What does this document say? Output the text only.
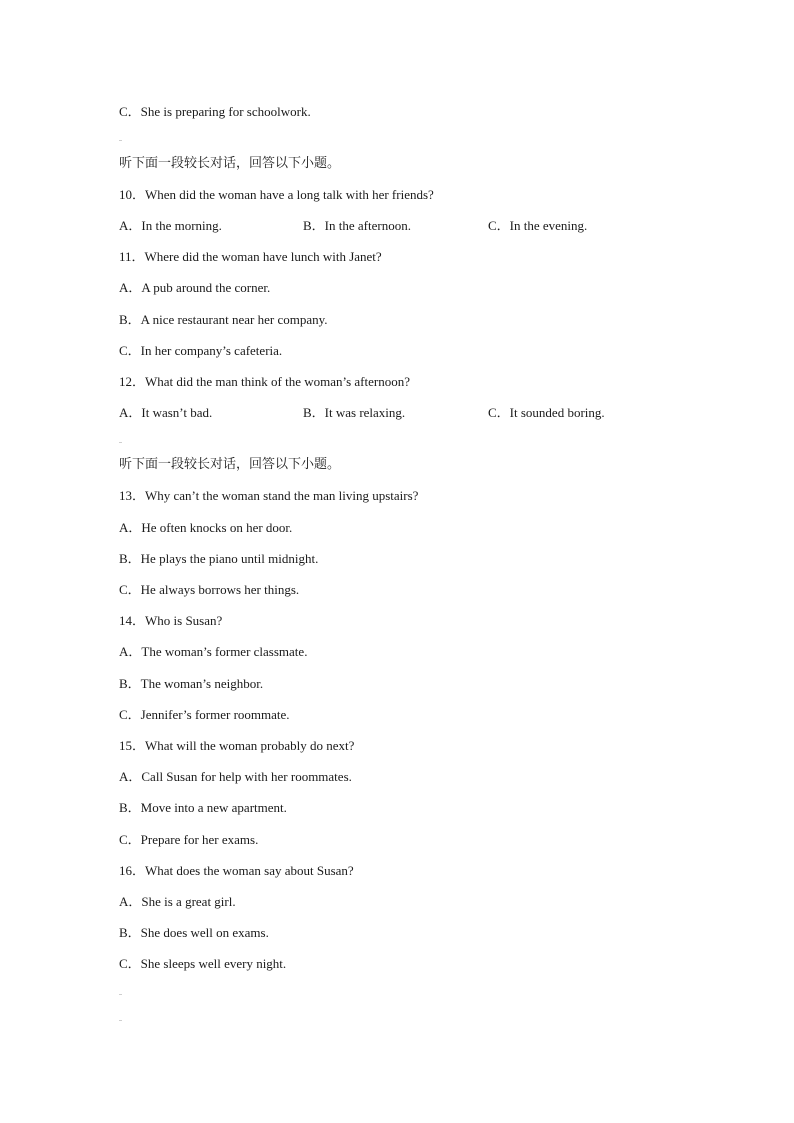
C．She is preparing for schoolwork.
听下面一段较长对话，回答以下小题。
10．When did the woman have a long talk with her friends?
A．In the morning.	B．In the afternoon.	C．In the evening.
11．Where did the woman have lunch with Janet?
A．A pub around the corner.
B．A nice restaurant near her company.
C．In her company’s cafeteria.
12．What did the man think of the woman’s afternoon?
A．It wasn’t bad.	B．It was relaxing.	C．It sounded boring.
听下面一段较长对话，回答以下小题。
13．Why can’t the woman stand the man living upstairs?
A．He often knocks on her door.
B．He plays the piano until midnight.
C．He always borrows her things.
14．Who is Susan?
A．The woman’s former classmate.
B．The woman’s neighbor.
C．Jennifer’s former roommate.
15．What will the woman probably do next?
A．Call Susan for help with her roommates.
B．Move into a new apartment.
C．Prepare for her exams.
16．What does the woman say about Susan?
A．She is a great girl.
B．She does well on exams.
C．She sleeps well every night.
